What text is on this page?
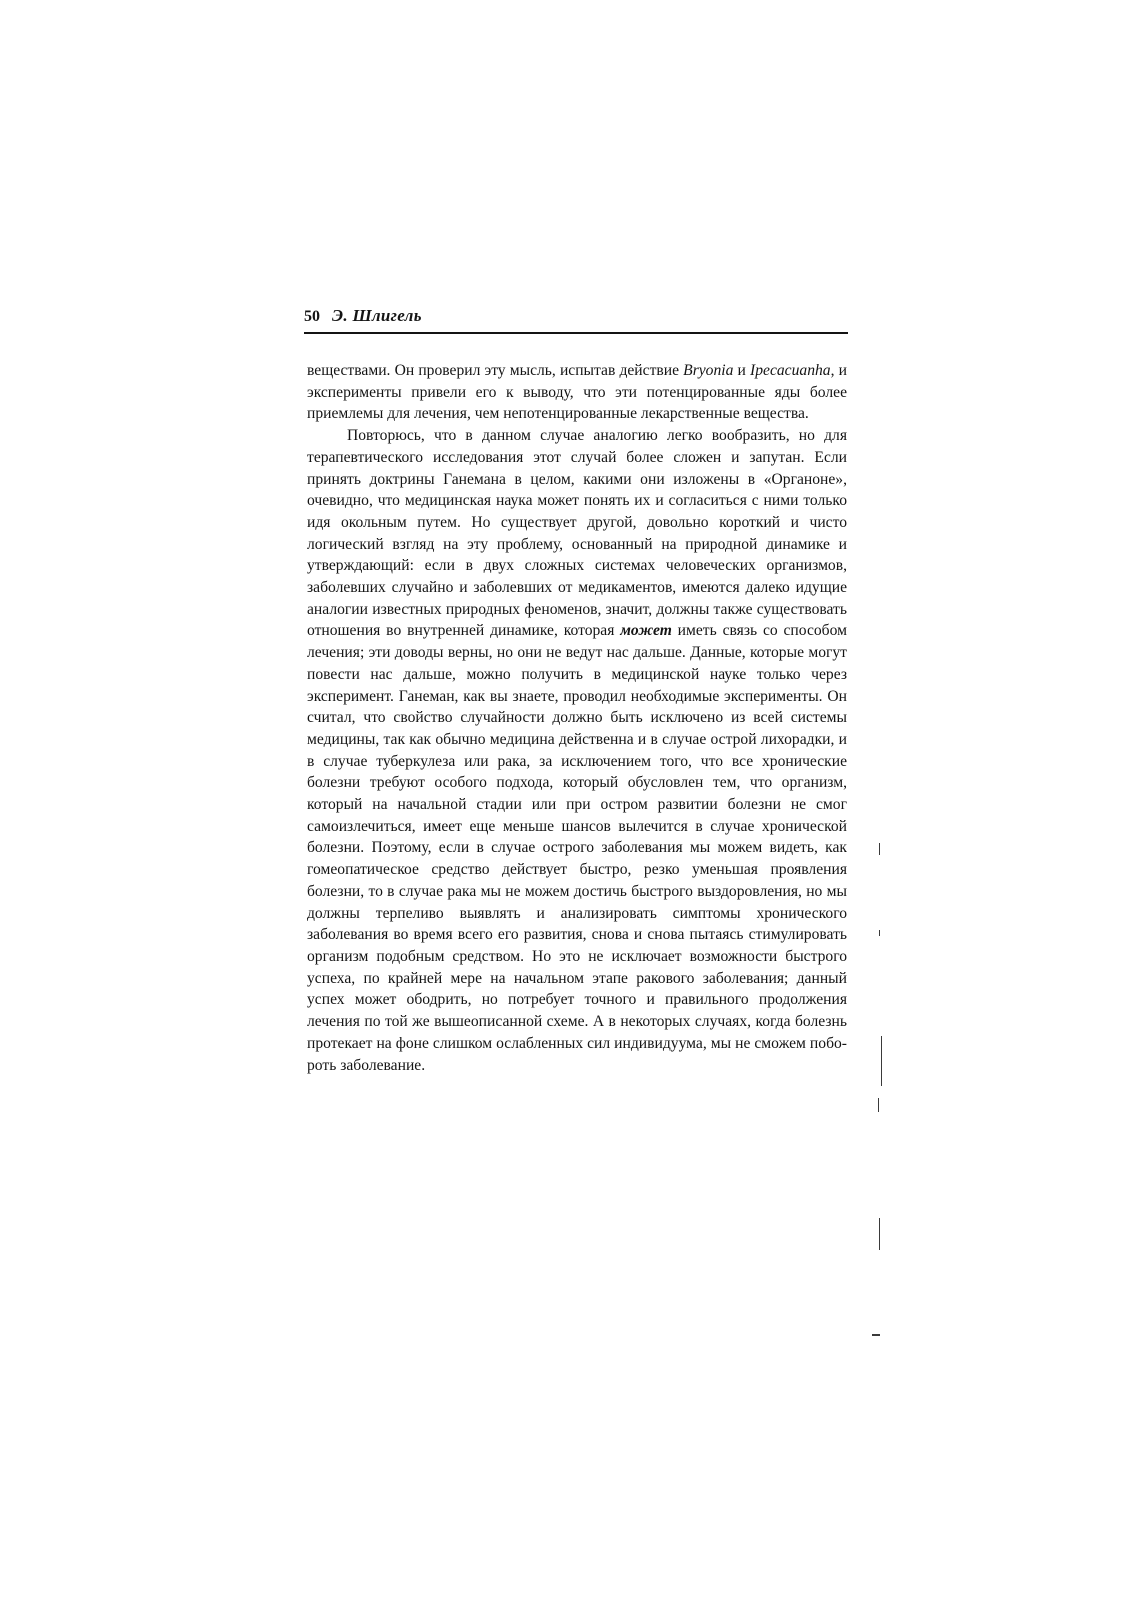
50 Э. Шлигель

веществами. Он проверил эту мысль, испытав действие Bryonia и Ipecacuanha, и эксперименты привели его к выводу, что эти потенцированные яды более приемлемы для лечения, чем непотенцированные лекарственные вещества.

Повторюсь, что в данном случае аналогию легко вообразить, но для терапевтического исследования этот случай более сложен и запутан. Если принять доктрины Ганемана в целом, какими они изложены в «Органоне», очевидно, что медицинская наука может понять их и согласиться с ними только идя окольным путем. Но существует другой, довольно короткий и чисто логический взгляд на эту проблему, основанный на природной динамике и утверждающий: если в двух сложных системах человеческих организмов, заболевших случайно и заболевших от медикаментов, имеются далеко идущие аналогии известных природных феноменов, значит, должны также существовать отношения во внутренней динамике, которая может иметь связь со способом лечения; эти доводы верны, но они не ведут нас дальше. Данные, которые могут повести нас дальше, можно получить в медицинской науке только через эксперимент. Ганеман, как вы знаете, проводил необходимые эксперименты. Он считал, что свойство случайности должно быть исключено из всей системы медицины, так как обычно медицина действенна и в случае острой лихорадки, и в случае туберкулеза или рака, за исключением того, что все хронические болезни требуют особого подхода, который обусловлен тем, что организм, который на начальной стадии или при остром развитии болезни не смог самоизлечиться, имеет еще меньше шансов вылечится в случае хронической болезни. Поэтому, если в случае острого заболевания мы можем видеть, как гомеопатическое средство действует быстро, резко уменьшая проявления болезни, то в случае рака мы не можем достичь быстрого выздоровления, но мы должны терпеливо выявлять и анализировать симптомы хронического заболевания во время всего его развития, снова и снова пытаясь стимулировать организм подобным средством. Но это не исключает возможности быстрого успеха, по крайней мере на начальном этапе ракового заболевания; данный успех может ободрить, но потребует точного и правильного продолжения лечения по той же вышеописанной схеме. А в некоторых случаях, когда болезнь протекает на фоне слишком ослабленных сил индивидуума, мы не сможем побороть заболевание.
